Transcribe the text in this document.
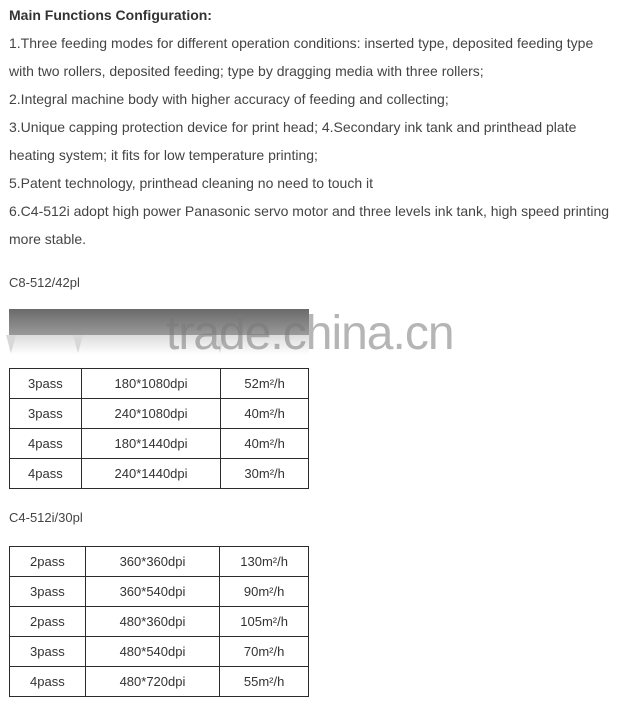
Main Functions Configuration:
1.Three feeding modes for different operation conditions: inserted type, deposited feeding type
with two rollers, deposited feeding; type by dragging media with three rollers;
2.Integral machine body with higher accuracy of feeding and collecting;
3.Unique capping protection device for print head; 4.Secondary ink tank and printhead plate
heating system; it fits for low temperature printing;
5.Patent technology, printhead cleaning no need to touch it
6.C4-512i adopt high power Panasonic servo motor and three levels ink tank, high speed printing
more stable.
C8-512/42pl
trade.china.cn
3pass	180*1080dpi	52m²/h
3pass	240*1080dpi	40m²/h
4pass	180*1440dpi	40m²/h
4pass	240*1440dpi	30m²/h
C4-512i/30pl
2pass	360*360dpi	130m²/h
3pass	360*540dpi	90m²/h
2pass	480*360dpi	105m²/h
3pass	480*540dpi	70m²/h
4pass	480*720dpi	55m²/h
